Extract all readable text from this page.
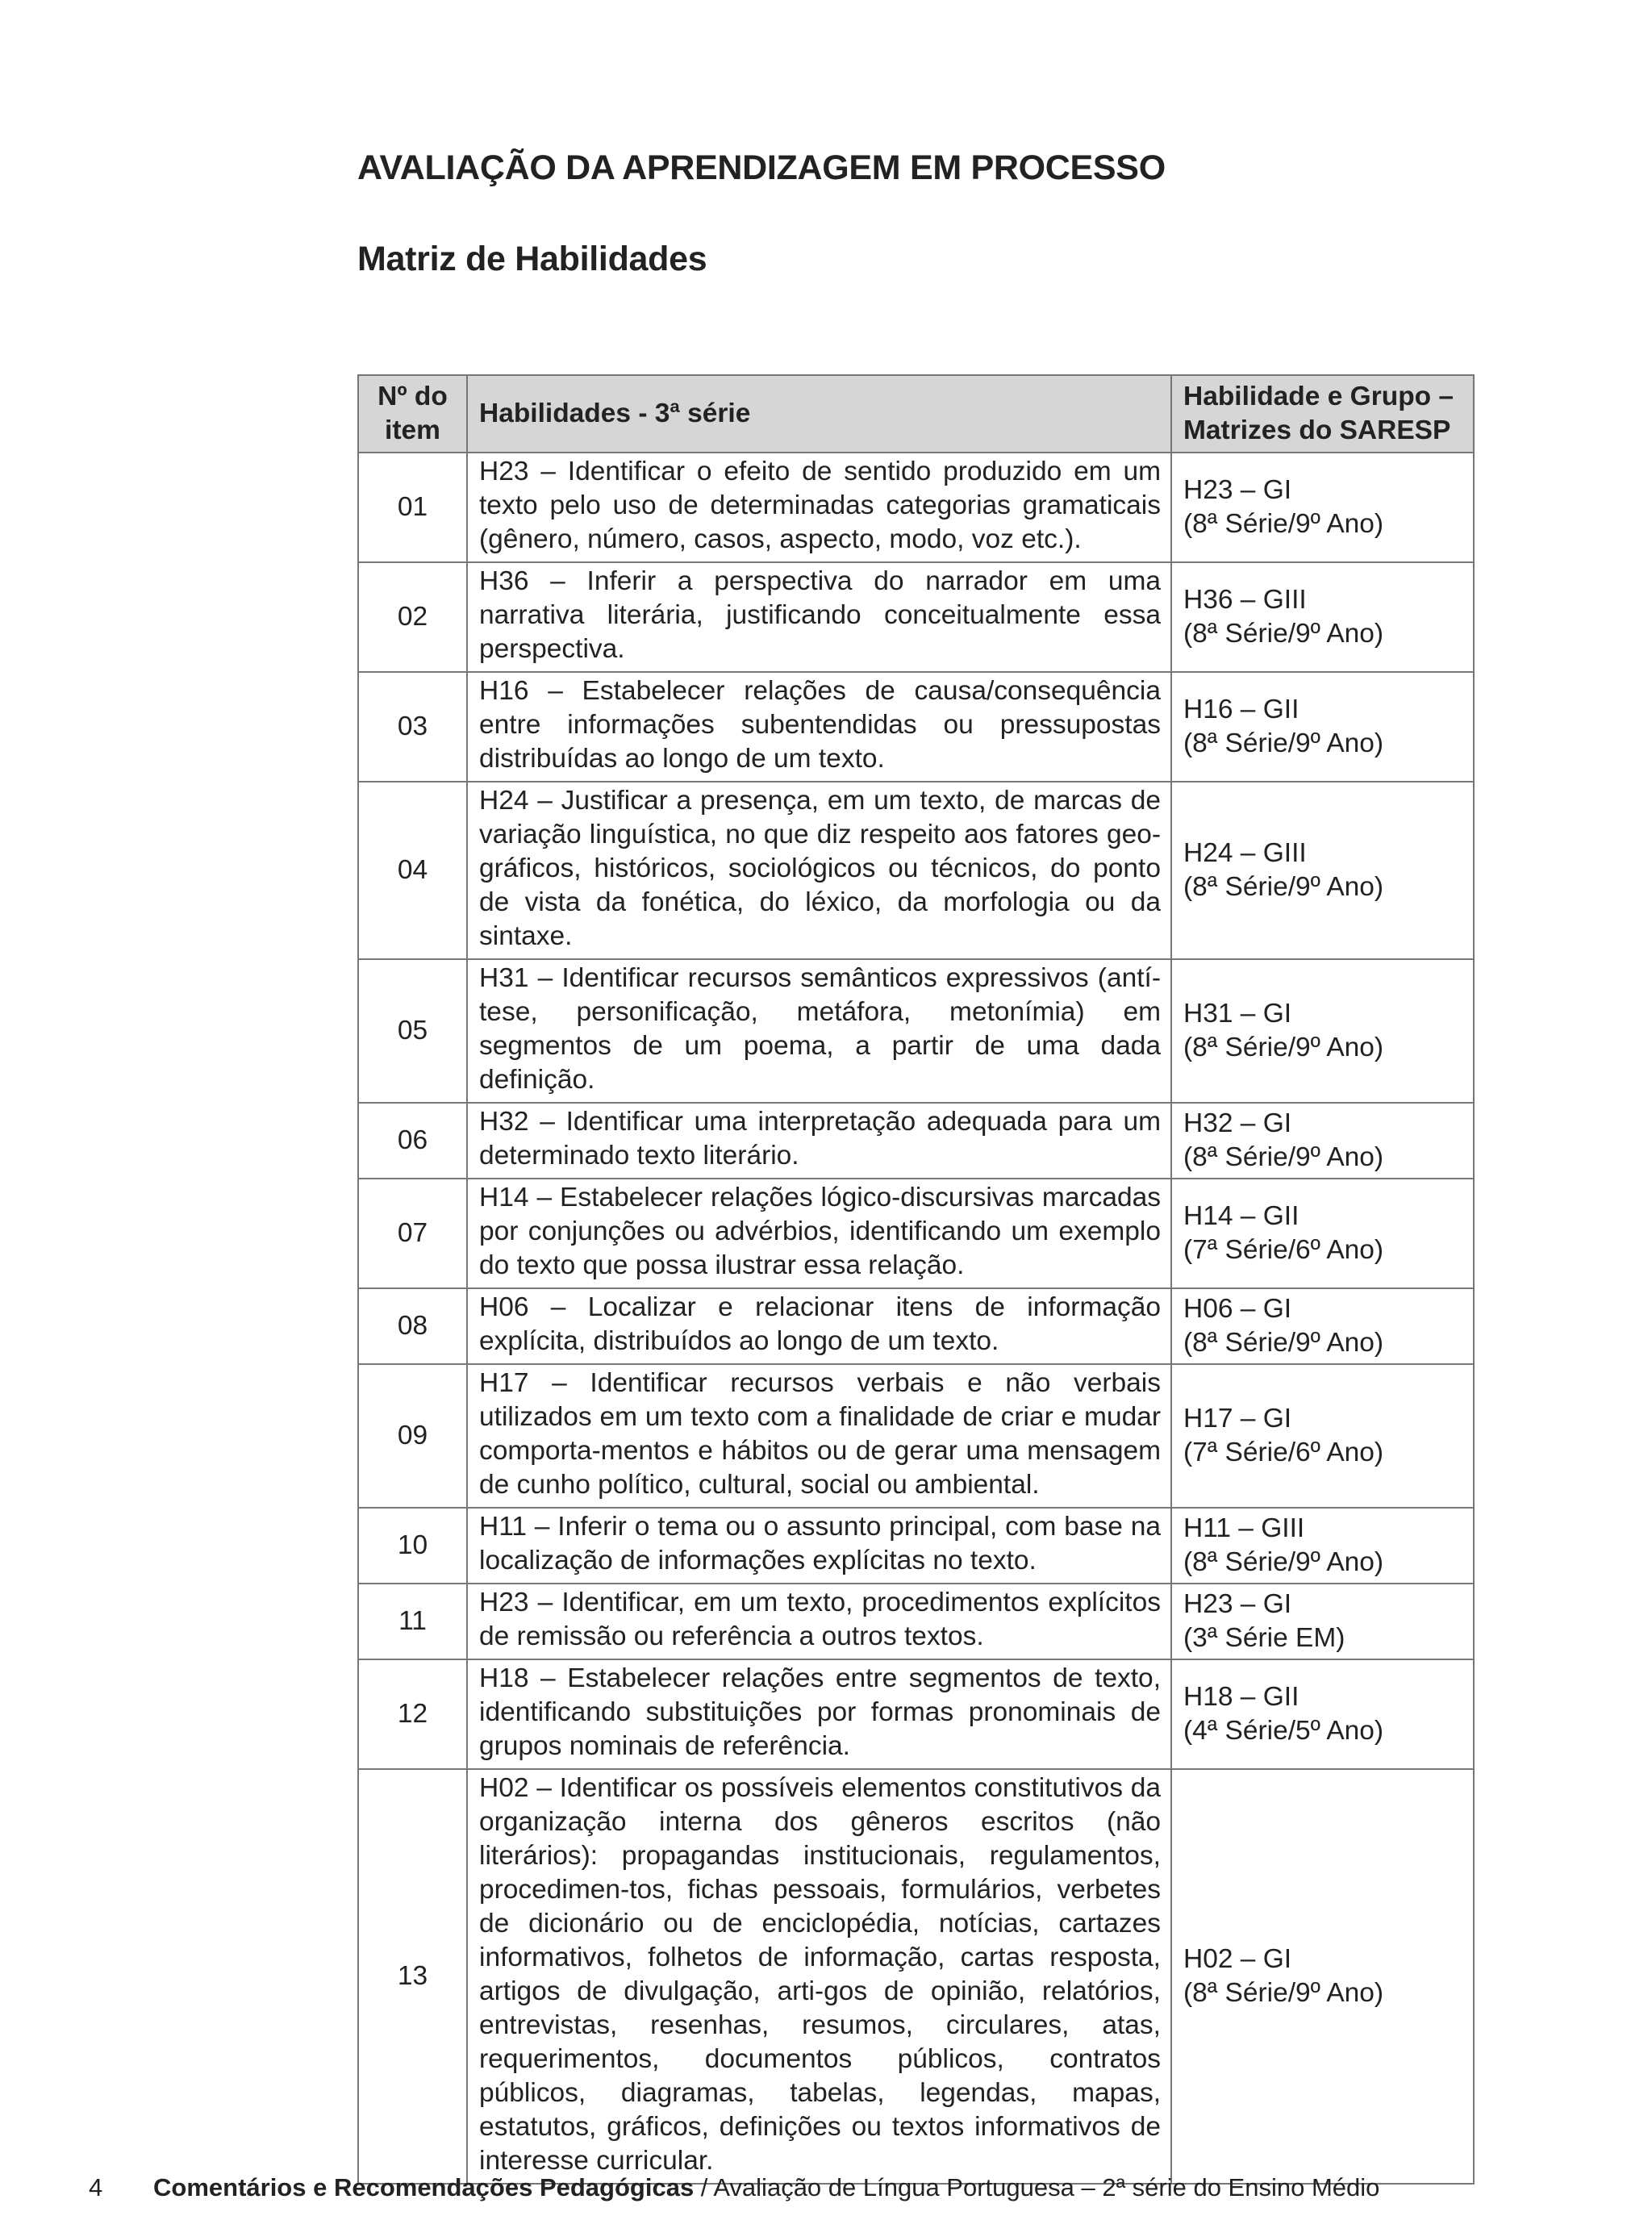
AVALIAÇÃO DA APRENDIZAGEM EM PROCESSO
Matriz de Habilidades
Nº do item	Habilidades - 3ª série	Habilidade e Grupo – Matrizes do SARESP
01	H23 – Identificar o efeito de sentido produzido em um texto pelo uso de determinadas categorias gramaticais (gênero, número, casos, aspecto, modo, voz etc.).	H23 – GI
(8ª Série/9º Ano)

02	H36 – Inferir a perspectiva do narrador em uma narrativa literária, justificando conceitualmente essa perspectiva.	H36 – GIII
(8ª Série/9º Ano)

03	H16 – Estabelecer relações de causa/consequência entre informações subentendidas ou pressupostas distribuídas ao longo de um texto.	H16 – GII
(8ª Série/9º Ano)

04	H24 – Justificar a presença, em um texto, de marcas de variação linguística, no que diz respeito aos fatores geo-gráficos, históricos, sociológicos ou técnicos, do ponto de vista da fonética, do léxico, da morfologia ou da sintaxe.	H24 – GIII
(8ª Série/9º Ano)

05	H31 – Identificar recursos semânticos expressivos (antí-tese, personificação, metáfora, metonímia) em segmentos de um poema, a partir de uma dada definição.	H31 – GI
(8ª Série/9º Ano)

06	H32 – Identificar uma interpretação adequada para um determinado texto literário.	H32 – GI
(8ª Série/9º Ano)

07	H14 – Estabelecer relações lógico-discursivas marcadas por conjunções ou advérbios, identificando um exemplo do texto que possa ilustrar essa relação.	H14 – GII
(7ª Série/6º Ano)

08	H06 – Localizar e relacionar itens de informação explícita, distribuídos ao longo de um texto.	H06 – GI
(8ª Série/9º Ano)

09	H17 – Identificar recursos verbais e não verbais utilizados em um texto com a finalidade de criar e mudar comporta-mentos e hábitos ou de gerar uma mensagem de cunho político, cultural, social ou ambiental.	H17 – GI
(7ª Série/6º Ano)

10	H11 – Inferir o tema ou o assunto principal, com base na localização de informações explícitas no texto.	H11 – GIII
(8ª Série/9º Ano)

11	H23 – Identificar, em um texto, procedimentos explícitos de remissão ou referência a outros textos.	H23 – GI
(3ª Série EM)

12	H18 – Estabelecer relações entre segmentos de texto, identificando substituições por formas pronominais de grupos nominais de referência.	H18 – GII
(4ª Série/5º Ano)

13	H02 – Identificar os possíveis elementos constitutivos da organização interna dos gêneros escritos (não literários): propagandas institucionais, regulamentos, procedimen-tos, fichas pessoais, formulários, verbetes de dicionário ou de enciclopédia, notícias, cartazes informativos, folhetos de informação, cartas resposta, artigos de divulgação, arti-gos de opinião, relatórios, entrevistas, resenhas, resumos, circulares, atas, requerimentos, documentos públicos, contratos públicos, diagramas, tabelas, legendas, mapas, estatutos, gráficos, definições ou textos informativos de interesse curricular.	H02 – GI
(8ª Série/9º Ano)
4 Comentários e Recomendações Pedagógicas / Avaliação de Língua Portuguesa – 2ª série do Ensino Médio
